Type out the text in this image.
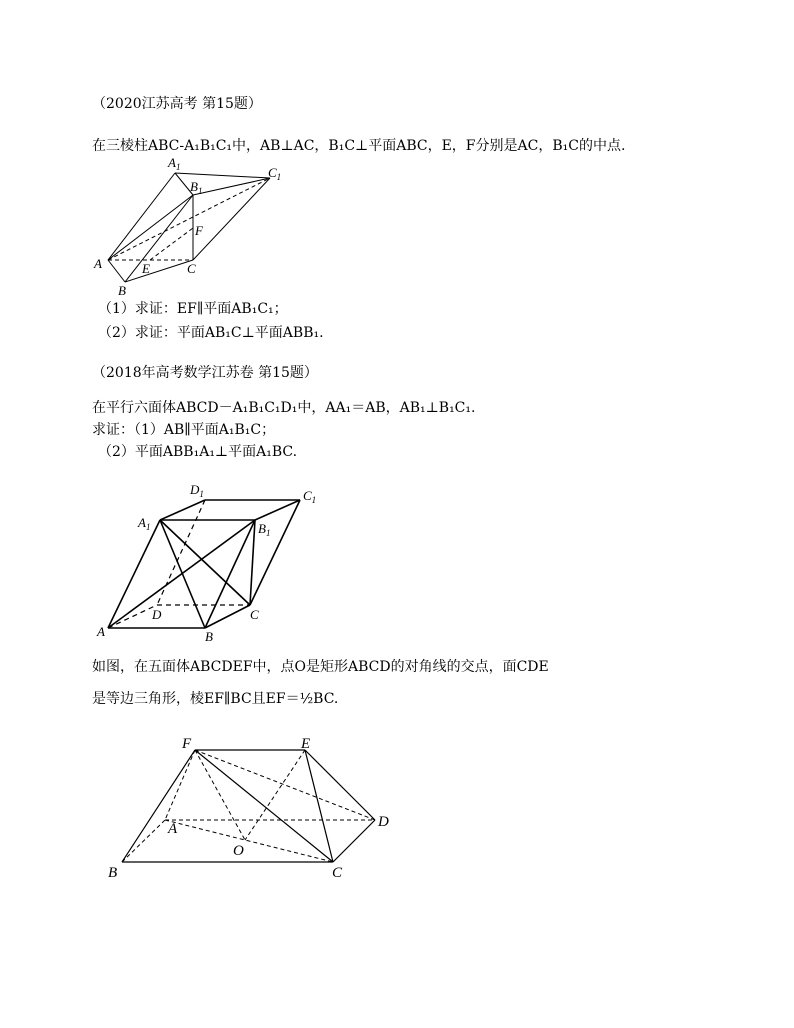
（2020江苏高考 第15题）
在三棱柱ABC-A₁B₁C₁中，AB⊥AC，B₁C⊥平面ABC，E，F分别是AC，B₁C的中点.
$A_1$
$B_1$
$C_1$
A
B
C
E
F
（1）求证：EF∥平面AB₁C₁；
（2）求证：平面AB₁C⊥平面ABB₁.
（2018年高考数学江苏卷 第15题）
在平行六面体ABCD－A₁B₁C₁D₁中，AA₁＝AB，AB₁⊥B₁C₁.
求证：（1）AB∥平面A₁B₁C；
（2）平面ABB₁A₁⊥平面A₁BC.
$D_1$	$C_1$
$A_1$	$B_1$
D
A	B
C
如图，在五面体ABCDEF中，点O是矩形ABCD的对角线的交点，面CDE
是等边三角形，棱EF∥BC且EF＝½BC.
F	E
A	D
O
B	C
